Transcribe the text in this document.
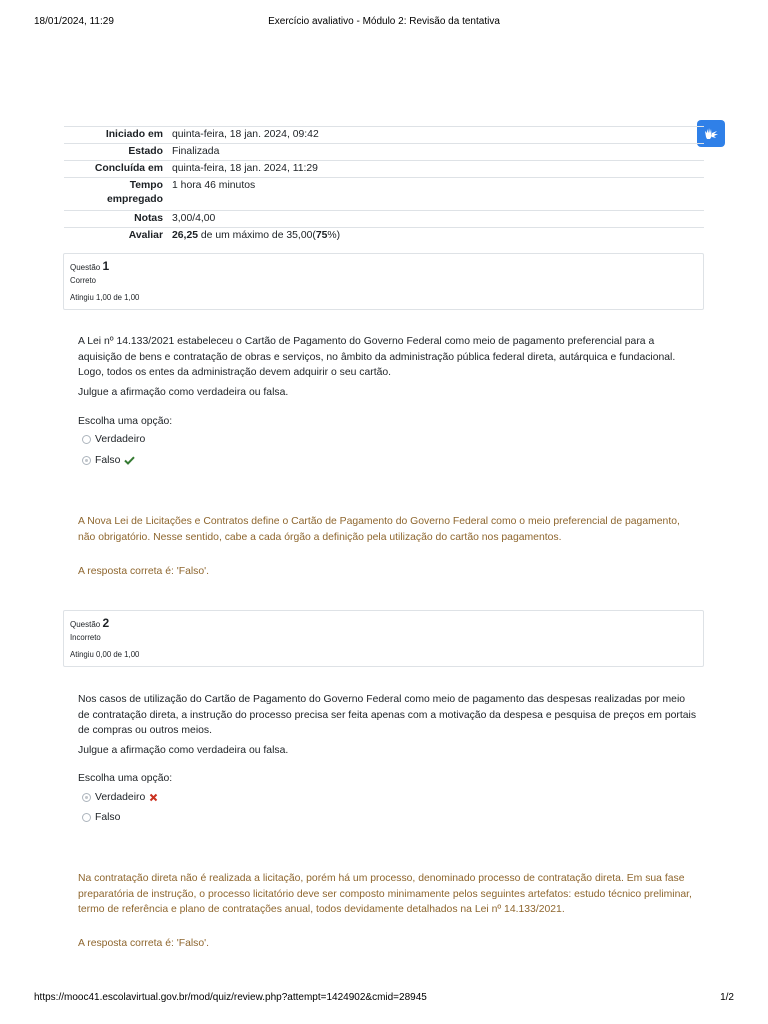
18/01/2024, 11:29	Exercício avaliativo - Módulo 2: Revisão da tentativa
Iniciado em	quinta-feira, 18 jan. 2024, 09:42
Estado	Finalizada
Concluída em	quinta-feira, 18 jan. 2024, 11:29
Tempo
empregado	1 hora 46 minutos
Notas	3,00/4,00
Avaliar	26,25 de um máximo de 35,00(75%)
Questão 1
Correto
Atingiu 1,00 de 1,00

A Lei nº 14.133/2021 estabeleceu o Cartão de Pagamento do Governo Federal como meio de pagamento preferencial para a aquisição de bens e contratação de obras e serviços, no âmbito da administração pública federal direta, autárquica e fundacional. Logo, todos os entes da administração devem adquirir o seu cartão.

Julgue a afirmação como verdadeira ou falsa.

Escolha uma opção:
Verdadeiro
Falso

A Nova Lei de Licitações e Contratos define o Cartão de Pagamento do Governo Federal como o meio preferencial de pagamento, não obrigatório. Nesse sentido, cabe a cada órgão a definição pela utilização do cartão nos pagamentos.

A resposta correta é: 'Falso'.

Questão 2
Incorreto
Atingiu 0,00 de 1,00

Nos casos de utilização do Cartão de Pagamento do Governo Federal como meio de pagamento das despesas realizadas por meio de contratação direta, a instrução do processo precisa ser feita apenas com a motivação da despesa e pesquisa de preços em portais de compras ou outros meios.

Julgue a afirmação como verdadeira ou falsa.

Escolha uma opção:
Verdadeiro
Falso

Na contratação direta não é realizada a licitação, porém há um processo, denominado processo de contratação direta. Em sua fase preparatória de instrução, o processo licitatório deve ser composto minimamente pelos seguintes artefatos: estudo técnico preliminar, termo de referência e plano de contratações anual, todos devidamente detalhados na Lei nº 14.133/2021.

A resposta correta é: 'Falso'.

https://mooc41.escolavirtual.gov.br/mod/quiz/review.php?attempt=1424902&cmid=28945	1/2
